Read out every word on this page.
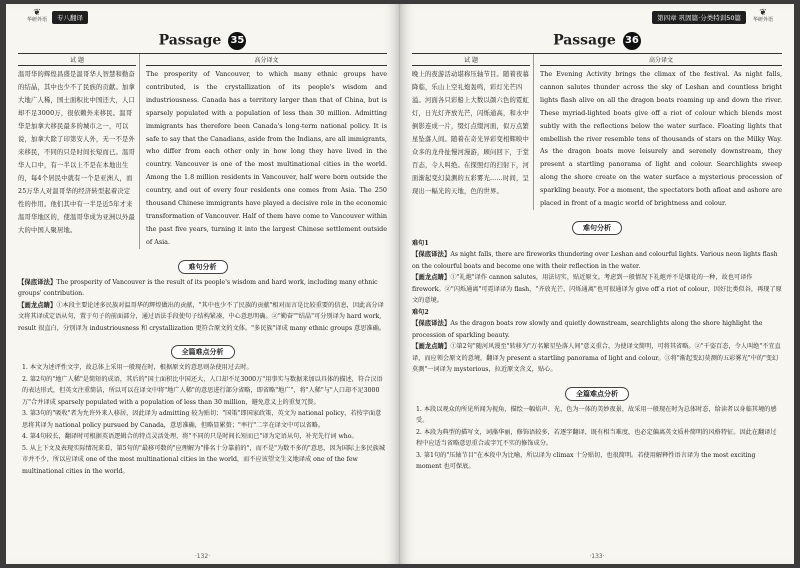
❦
华研外语	专八翻译
Passage 35
试 题
温哥华的辉煌昌盛是温哥华人智慧和勤奋的结晶，其中也少不了民族的贡献。加拿大地广人稀，国土面积比中国还大，人口却不足3000万，很依赖外来移民。温哥华是加拿大移民最多的城市之一，可以说，加拿大除了印第安人外，无一不是外来移民，不同的只是时间长短而已。温哥华人口中，有一半以上不是在本地出生的，每4个居民中就有一个是亚洲人，而25万华人对温哥华的经济转型起着决定性的作用。他们其中有一半是近5年才来温哥华地区的，使温哥华成为亚洲以外最大的中国人聚居地。
高分译文
The prosperity of Vancouver, to which many ethnic groups have contributed, is the crystallization of its people's wisdom and industriousness. Canada has a territory larger than that of China, but is sparsely populated with a population of less than 30 million. Admitting immigrants has therefore been Canada's long-term national policy. It is safe to say that the Canadians, aside from the Indians, are all immigrants, who differ from each other only in how long they have lived in the country. Vancouver is one of the most multinational cities in the world. Among the 1.8 million residents in Vancouver, half were born outside the country, and out of every four residents one comes from Asia. The 250 thousand Chinese immigrants have played a decisive role in the economic transformation of Vancouver. Half of them have come to Vancouver within the past five years, turning it into the largest Chinese settlement outside of Asia.
难句分析
【保底译法】The prosperity of Vancouver is the result of its people's wisdom and hard work, including many ethnic groups' contribution.
【画龙点睛】①本段主要论述多民族对温哥华的辉煌做出的贡献，"其中也少不了民族的贡献"相对而言是比较重要的信息，因此高分译文将其译成定语从句，置于句子的前面部分，通过语法手段使句子结构紧凑，中心意思明确。②"勤奋""结晶"可分别译为 hard work, result 很直白，分别译为 industriousness 和 crystallization 更符合原文的文体。"多民族"译成 many ethnic groups 意思准确。
全篇难点分析
1. 本文为述评性文字，故总体上采用一般现在时，根据原文的意思则杂使用过去时。
2. 第2句的"地广人稀"是简短的成语，其后的"国土面积比中国还大，人口却不足3000万"用事实与数据来加以具体的描述，符合汉语的表达形式，但英文注重简洁，所以可以在译文中将"地广人稀"的意思进行部分省略，即省略"地广"，将"人稀"与"人口却不足3000万"合并译成 sparsely populated with a population of less than 30 million，避免意义上的重复冗赘。
3. 第3句的"吸收"者为允许外来人移居，因此译为 admitting 较为贴切；"国策"即国家政策，英文为 national policy，若按字面意思将其译为 national policy pursued by Canada，意思准确，但略显累赘；"率行"二字在译文中可以省略。
4. 第4句较长，翻译时可根据英语逻辑合的特点灵活处理，将"不同的只是时间长短而已"译为定语从句，补充先行词 who。
5. 从上下文及表现实际情况来看，第5句的"最移可数的"应理解为"排名十分靠前的"，而不是"为数不多的"意思，因为国际上多民族城市并不少，所以应译成 one of the most multinational cities in the world，而不应该望文生义地译成 one of the few multinational cities in the world。
·132·
第四章 巩固篇·分类特训50篇	❦
华研外语
Passage 36
试 题
晚上的夜游活动堪称压轴节目。随着夜幕降临，乐山上空礼炮轰鸣，彩灯光芒四溢。河面各只彩船上大数以颜六色的霓虹灯，日光灯齐放光芒，闪烁通高，和水中倒影连成一片，缀灯点缀河面，似万点繁星坠落人间。随着在奇光异彩变相辉映中众多的龙舟扯慢河漫游，顾问回下，于堂百态，令人叫绝。在探照灯的扫射下，河面渐起变幻莫测的五彩雾光……时间，呈现出一幅光的天地，色的世界。
高分译文
The Evening Activity brings the climax of the festival. As night falls, cannon salutes thunder across the sky of Leshan and countless bright lights flash alive on all the dragon boats roaming up and down the river. These myriad-lighted boats give off a riot of colour which blends most subtly with the reflections below the water surface. Floating lights that embellish the river resemble tens of thousands of stars on the Milky Way. As the dragon boats move leisurely and serenely downstream, they present a startling panorama of light and colour. Searchlights sweep along the shore create on the water surface a mysterious procession of sparkling beauty. For a moment, the spectators both afloat and ashore are placed in front of a magic world of brightness and colour.
难句分析
难句1
【保底译法】As night falls, there are fireworks thundering over Leshan and colourful lights. Various neon lights flash on the colourful boats and become one with their reflection in the water.
【画龙点睛】①"礼炮"译作 cannon salutes，用法切实，贴近原文。考虑到一般情况下礼炮并不是烟花的一种，故也可译作 firework。②"闪烁通离"可霓译译为 flash，"齐放光芒、闪烁通离"也可很通译为 give off a riot of colour，因好比类似谷，再现了原文的意境。
难句2
【保底译法】As the dragon boats row slowly and quietly downstream, searchlights along the shore highlight the procession of sparkling beauty.
【画龙点睛】①第2句"随河风漫至"转移为"万名繁星坠落人间"意义重合，为使译文简明，可将其省略。②"千姿百态，令人叫绝"不宜直译，而应领会原文的意境，翻译为 present a startling panorama of light and colour。③将"渐起变幻莫测的五彩雾光"中的"变幻莫测"一词译为 mysterious，拉近原文含义，贴心。
全篇难点分析
1. 本段以观众的所见所闻为视角，描绘一幅焰声、光、色为一体的美妙夜景，故采用一般现在时为总体时态，给读者以身临其境的感受。
2. 本段为典型的描写文，词藻华丽，修饰语较多，若逐字翻译，既有相当难度，也必定偏离英文质朴简明的风格特征。因此在翻译过程中应适当省略意思重合或字冗不实的修饰成分。
3. 第1句的"压轴节目"在本段中为比喻，所以译为 climax 十分贴切，也很简明。若使用解释性语言译为 the most exciting moment 也可保底。
·133·
